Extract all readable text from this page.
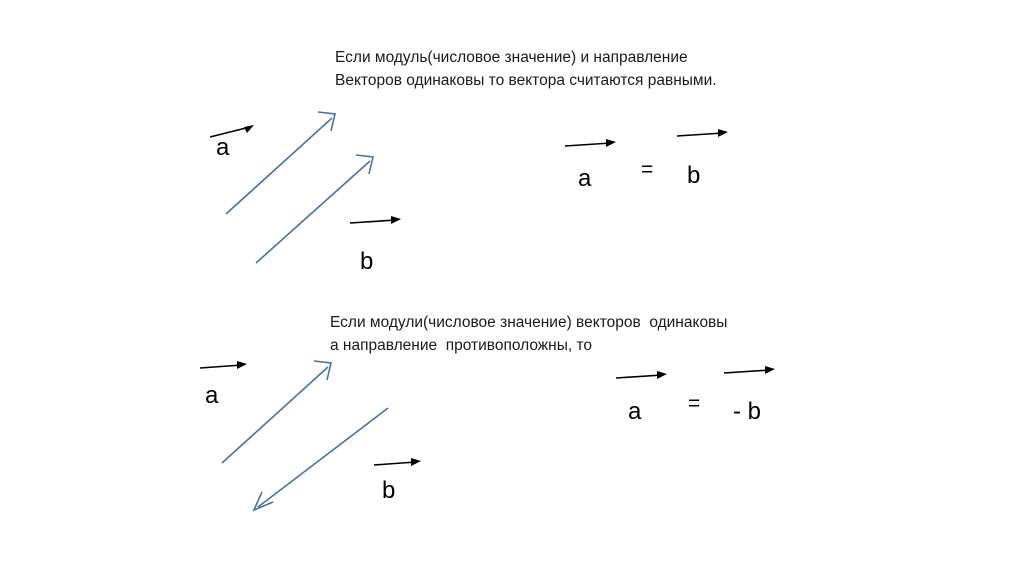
Если модуль(числовое значение) и направление
Векторов одинаковы то вектора считаются равными.
a
b
a = b
Если модули(числовое значение) векторов  одинаковы
а направление  противоположны, то
a
b
a = - b
